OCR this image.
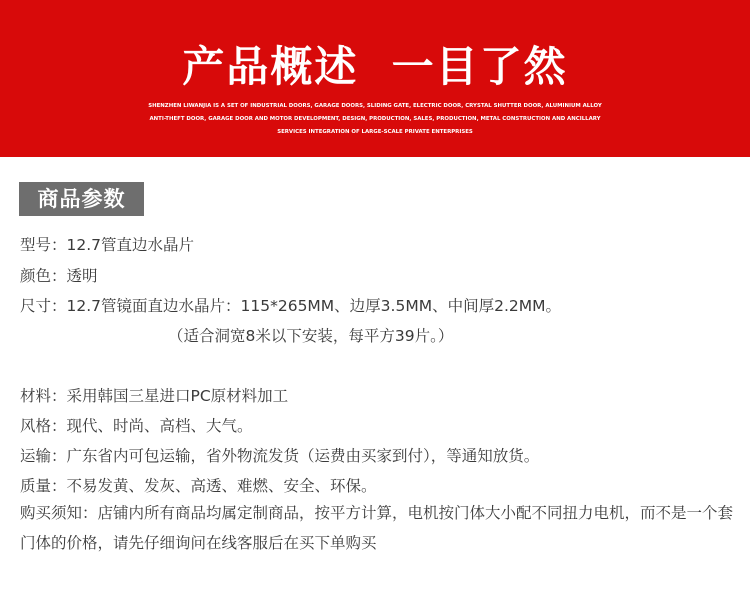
产品概述  一目了然
SHENZHEN LIWANJIA IS A SET OF INDUSTRIAL DOORS, GARAGE DOORS, SLIDING GATE, ELECTRIC DOOR, CRYSTAL SHUTTER DOOR, ALUMINIUM ALLOY ANTI-THEFT DOOR, GARAGE DOOR AND MOTOR DEVELOPMENT, DESIGN, PRODUCTION, SALES, PRODUCTION, METAL CONSTRUCTION AND ANCILLARY SERVICES INTEGRATION OF LARGE-SCALE PRIVATE ENTERPRISES
商品参数
型号：12.7管直边水晶片
颜色：透明
尺寸：12.7管镜面直边水晶片：115*265MM、边厚3.5MM、中间厚2.2MM。
（适合洞宽8米以下安装，每平方39片。）
材料：采用韩国三星进口PC原材料加工
风格：现代、时尚、高档、大气。
运输：广东省内可包运输，省外物流发货（运费由买家到付），等通知放货。
质量：不易发黄、发灰、高透、难燃、安全、环保。
购买须知：店铺内所有商品均属定制商品，按平方计算，电机按门体大小配不同扭力电机，而不是一个套门体的价格，请先仔细询问在线客服后在买下单购买
